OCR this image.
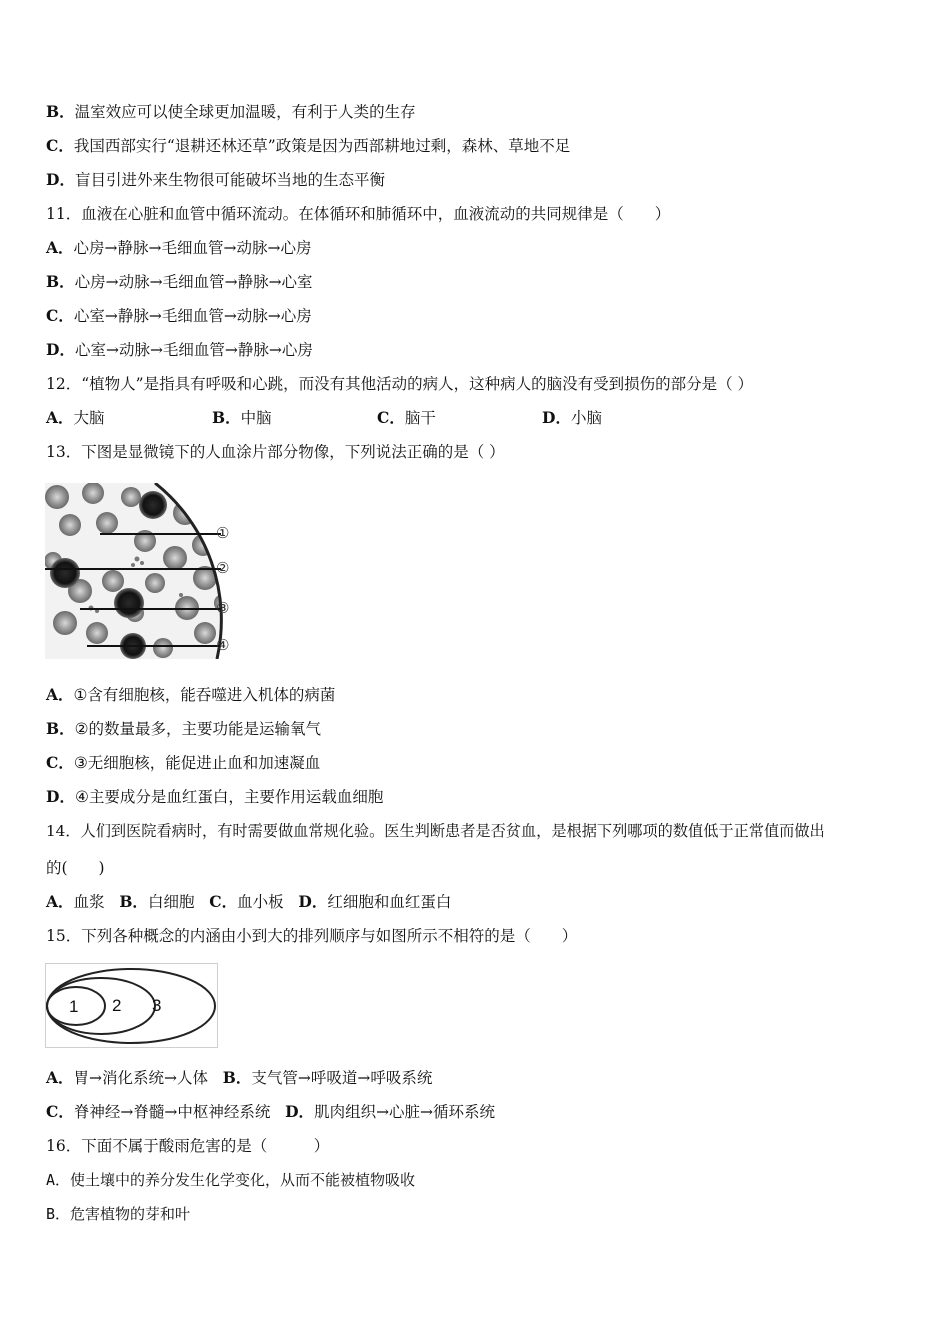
B．温室效应可以使全球更加温暖，有利于人类的生存
C．我国西部实行“退耕还林还草”政策是因为西部耕地过剩，森林、草地不足
D．盲目引进外来生物很可能破坏当地的生态平衡
11．血液在心脏和血管中循环流动。在体循环和肺循环中，血液流动的共同规律是（　　）
A．心房→静脉→毛细血管→动脉→心房
B．心房→动脉→毛细血管→静脉→心室
C．心室→静脉→毛细血管→动脉→心房
D．心室→动脉→毛细血管→静脉→心房
12．“植物人”是指具有呼吸和心跳，而没有其他活动的病人，这种病人的脑没有受到损伤的部分是（ ）
A．大脑	B．中脑	C．脑干	D．小脑
13．下图是显微镜下的人血涂片部分物像，下列说法正确的是（ ）
①
②
③
④
A．①含有细胞核，能吞噬进入机体的病菌
B．②的数量最多，主要功能是运输氧气
C．③无细胞核，能促进止血和加速凝血
D．④主要成分是血红蛋白，主要作用运载血细胞
14．人们到医院看病时，有时需要做血常规化验。医生判断患者是否贫血，是根据下列哪项的数值低于正常值而做出
的(　　)
A．血浆 B．白细胞 C．血小板 D．红细胞和血红蛋白
15．下列各种概念的内涵由小到大的排列顺序与如图所示不相符的是（　　）
1 2 3
A．胃→消化系统→人体 B．支气管→呼吸道→呼吸系统
C．脊神经→脊髓→中枢神经系统 D．肌肉组织→心脏→循环系统
16．下面不属于酸雨危害的是（　　　）
A．使土壤中的养分发生化学变化，从而不能被植物吸收
B．危害植物的芽和叶
